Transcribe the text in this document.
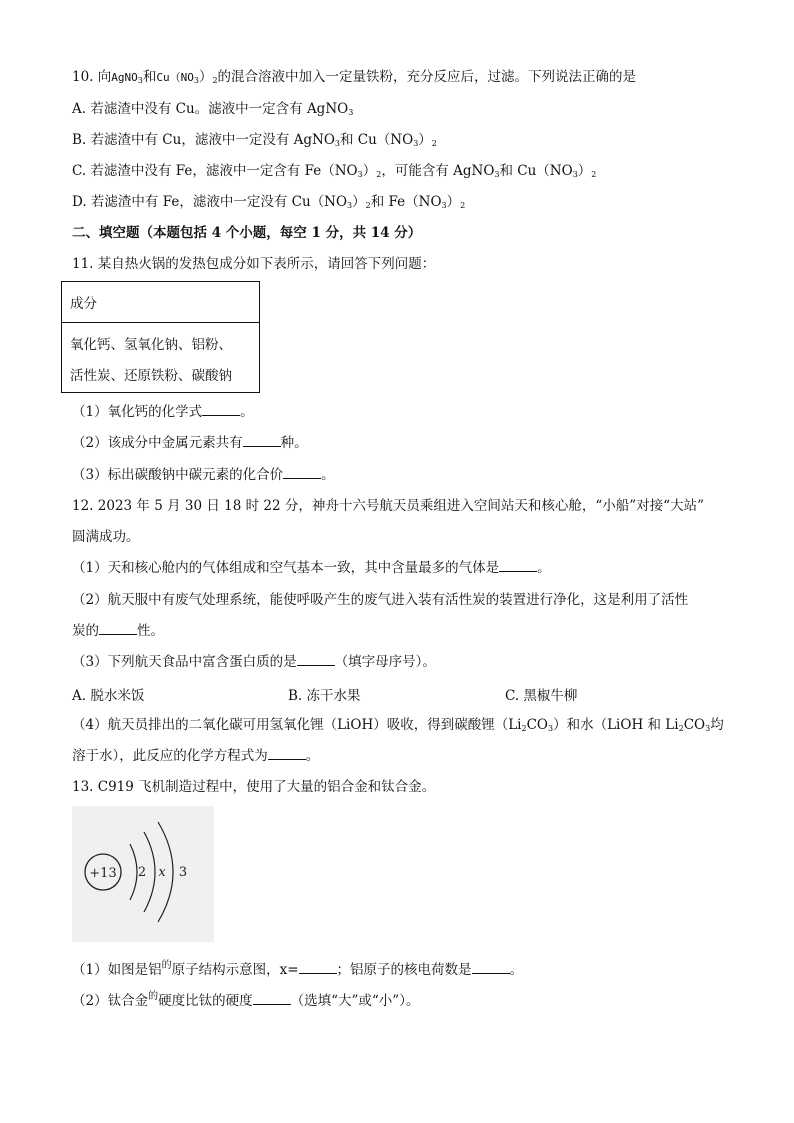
10. 向AgNO$_3$和$Cu(NO_3)_2$的混合溶液中加入一定量铁粉，充分反应后，过滤。下列说法正确的是
A. 若滤渣中没有 Cu。滤液中一定含有 AgNO$_3$
B. 若滤渣中有 Cu，滤液中一定没有 AgNO$_3$和 $Cu(NO_3)_2$
C. 若滤渣中没有 Fe，滤液中一定含有 $Fe(NO_3)_2$，可能含有 AgNO$_3$和 $Cu(NO_3)_2$
D. 若滤渣中有 Fe，滤液中一定没有 $Cu(NO_3)_2$和 $Fe(NO_3)_2$
二、填空题（本题包括 4 个小题，每空 1 分，共 14 分）
11. 某自热火锅的发热包成分如下表所示，请回答下列问题：
成分
氧化钙、氢氧化钠、铝粉、
活性炭、还原铁粉、碳酸钠
（1）氧化钙的化学式	。
（2）该成分中金属元素共有	种。
（3）标出碳酸钠中碳元素的化合价	。
12. 2023 年 5 月 30 日 18 时 22 分，神舟十六号航天员乘组进入空间站天和核心舱，“小船”对接“大站”
圆满成功。
（1）天和核心舱内的气体组成和空气基本一致，其中含量最多的气体是	。
（2）航天服中有废气处理系统，能使呼吸产生的废气进入装有活性炭的装置进行净化，这是利用了活性
炭的	性。
（3）下列航天食品中富含蛋白质的是	（填字母序号）。
A. 脱水米饭	B. 冻干水果	C. 黑椒牛柳
（4）航天员排出的二氧化碳可用氢氧化锂（LiOH）吸收，得到碳酸锂$(Li_2CO_3)$和水（LiOH 和 $Li_2CO_3$均
溶于水），此反应的化学方程式为	。
13. C919 飞机制造过程中，使用了大量的铝合金和钛合金。
+13 2 x 3
（1）如图是铝$^的$原子结构示意图，x=	；铝原子的核电荷数是	。
（2）钛合金$^的$硬度比钛的硬度	（选填“大”或“小”）。
